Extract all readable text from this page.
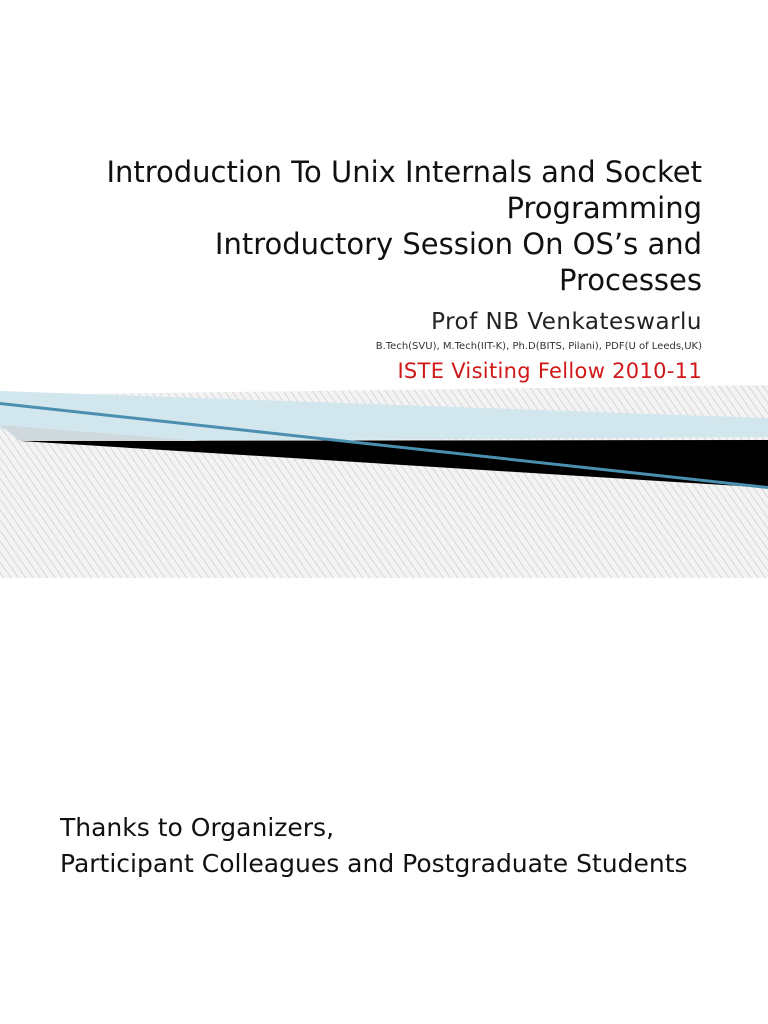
Introduction To Unix Internals and Socket
Programming
Introductory Session On OS’s and
Processes
Prof NB Venkateswarlu
B.Tech(SVU), M.Tech(IIT-K), Ph.D(BITS, Pilani), PDF(U of Leeds,UK)
ISTE Visiting Fellow 2010-11
Thanks to Organizers,
Participant Colleagues and Postgraduate Students
